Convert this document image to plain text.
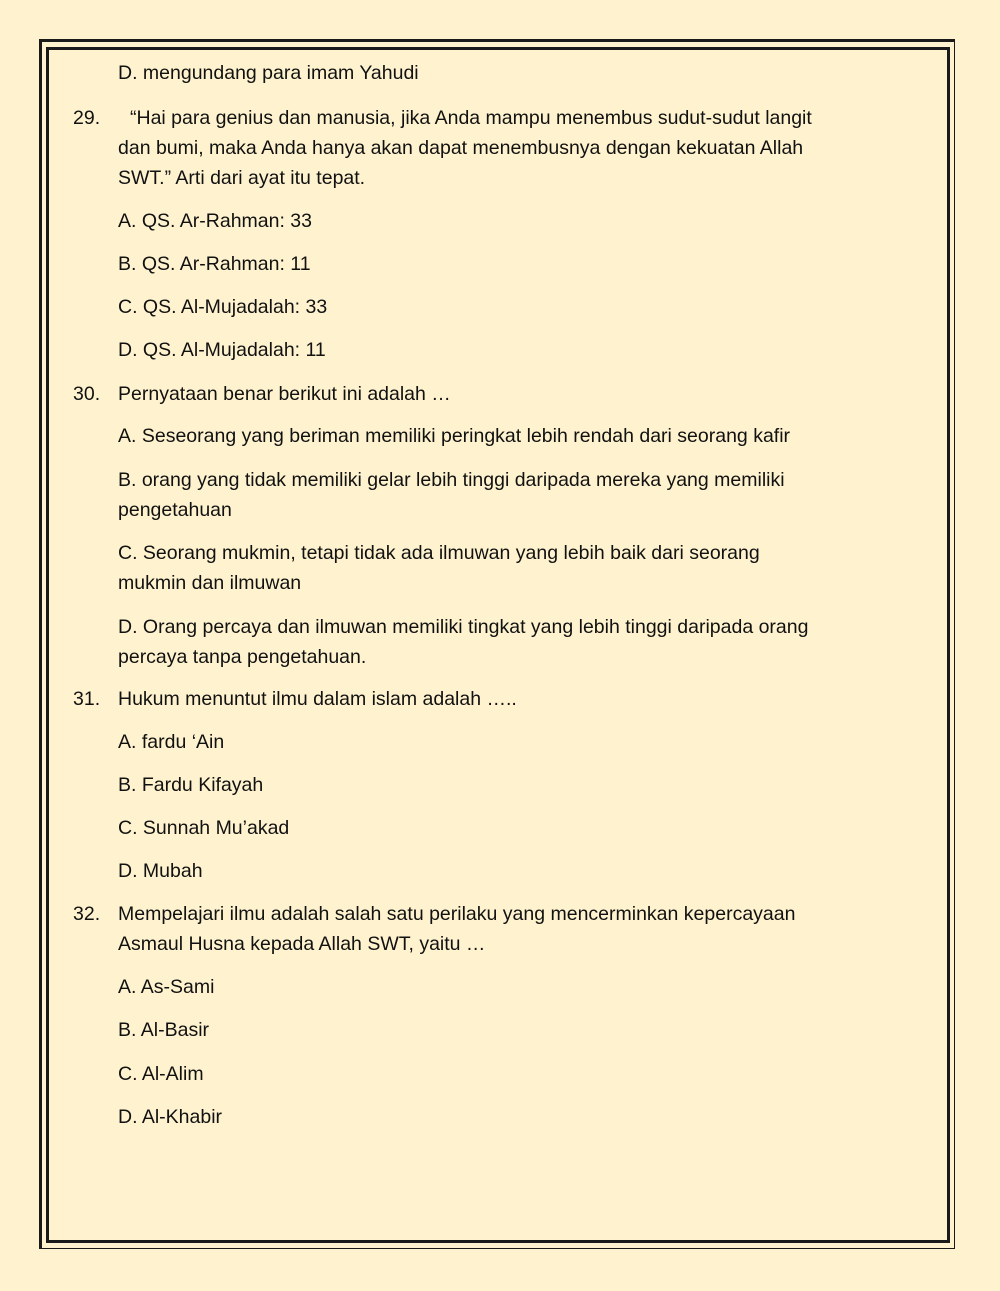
D. mengundang para imam Yahudi
29. “Hai para genius dan manusia, jika Anda mampu menembus sudut-sudut langit
dan bumi, maka Anda hanya akan dapat menembusnya dengan kekuatan Allah
SWT.” Arti dari ayat itu tepat.
A. QS. Ar-Rahman: 33
B. QS. Ar-Rahman: 11
C. QS. Al-Mujadalah: 33
D. QS. Al-Mujadalah: 11
30. Pernyataan benar berikut ini adalah …
A. Seseorang yang beriman memiliki peringkat lebih rendah dari seorang kafir
B. orang yang tidak memiliki gelar lebih tinggi daripada mereka yang memiliki
pengetahuan
C. Seorang mukmin, tetapi tidak ada ilmuwan yang lebih baik dari seorang
mukmin dan ilmuwan
D. Orang percaya dan ilmuwan memiliki tingkat yang lebih tinggi daripada orang
percaya tanpa pengetahuan.
31. Hukum menuntut ilmu dalam islam adalah …..
A. fardu ‘Ain
B. Fardu Kifayah
C. Sunnah Mu’akad
D. Mubah
32. Mempelajari ilmu adalah salah satu perilaku yang mencerminkan kepercayaan
Asmaul Husna kepada Allah SWT, yaitu …
A. As-Sami
B. Al-Basir
C. Al-Alim
D. Al-Khabir
